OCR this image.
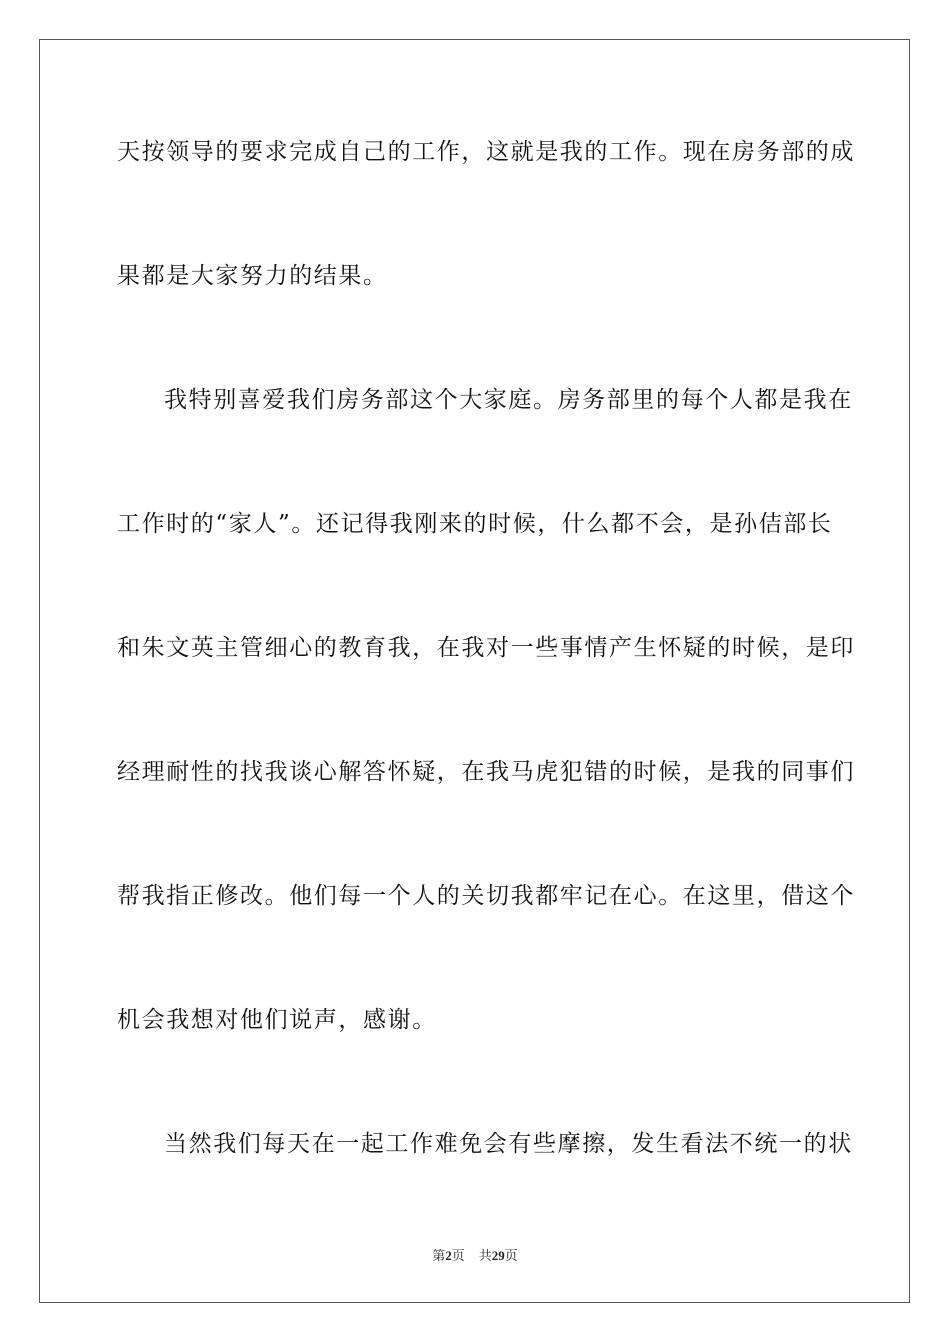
天按领导的要求完成自己的工作，这就是我的工作。现在房务部的成
果都是大家努力的结果。
我特别喜爱我们房务部这个大家庭。房务部里的每个人都是我在
工作时的“家人”。还记得我刚来的时候，什么都不会，是孙佶部长
和朱文英主管细心的教育我，在我对一些事情产生怀疑的时候，是印
经理耐性的找我谈心解答怀疑，在我马虎犯错的时候，是我的同事们
帮我指正修改。他们每一个人的关切我都牢记在心。在这里，借这个
机会我想对他们说声，感谢。
当然我们每天在一起工作难免会有些摩擦，发生看法不统一的状
第2页 共29页
